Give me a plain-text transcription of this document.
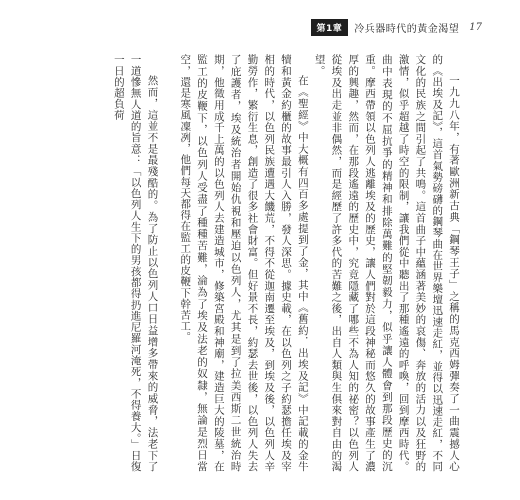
第1章	冷兵器時代的黃金渴望 17

一九九八年，有著歐洲新古典「鋼琴王子」之稱的馬克西姆彈奏了一曲震撼人心的《出埃及記》，這首氣勢磅礴的鋼琴曲在世界樂壇迅速走紅，並得以迅速走紅，不同文化的民族之間引起了共鳴。這首曲子中蘊涵著美妙的哀傷、奔放的活力以及狂野的激情，似乎超越了時空的限制，讓我們從中聽出了那種遙遠的呼喚，回到摩西時代。曲中表現的不屈抗爭的精神和排除萬難的堅韌毅力，似乎讓人體會到那段歷史的沉重。摩西帶領以色列人逃離埃及的歷史，讓人們對於這段神秘而悠久的故事產生了濃厚的興趣，然而，在那段遙遠的歷史中，究竟隱藏了哪些不為人知的祕密？以色列人從埃及出走並非偶然，而是經歷了許多代的苦難之後，出自人類與生俱來對自由的渴望。

在《聖經》中大概有四百多處提到了金，其中《舊約．出埃及記》中記載的金牛犢和黃金約櫃的故事最引人入勝，發人深思。據史載，在以色列之子約瑟擔任埃及宰相的時代，以色列民族遭遇大饑荒，不得不從迦南遷至埃及，到埃及後，以色列人辛勤勞作，繁衍生息，創造了很多社會財富。但好景不長，約瑟去世後，以色列人失去了庇護者，埃及統治者開始仇視和壓迫以色列人，尤其是到了拉美西斯二世統治時期，他徵用成千上萬的以色列人去建造城市，修築宮殿和神廟，建造巨大的陵墓，在監工的皮鞭下，以色列人受盡了種種苦難，淪為了埃及法老的奴隸，無論是烈日當空，還是寒風凜冽，他們每天都得在監工的皮鞭下幹苦工。

然而，這並不是最殘酷的。為了防止以色列人口日益增多帶來的威脅，法老下了一道慘無人道的旨意：「以色列人生下的男孩都得扔進尼羅河淹死，不得養大。」日復一日的超負荷
